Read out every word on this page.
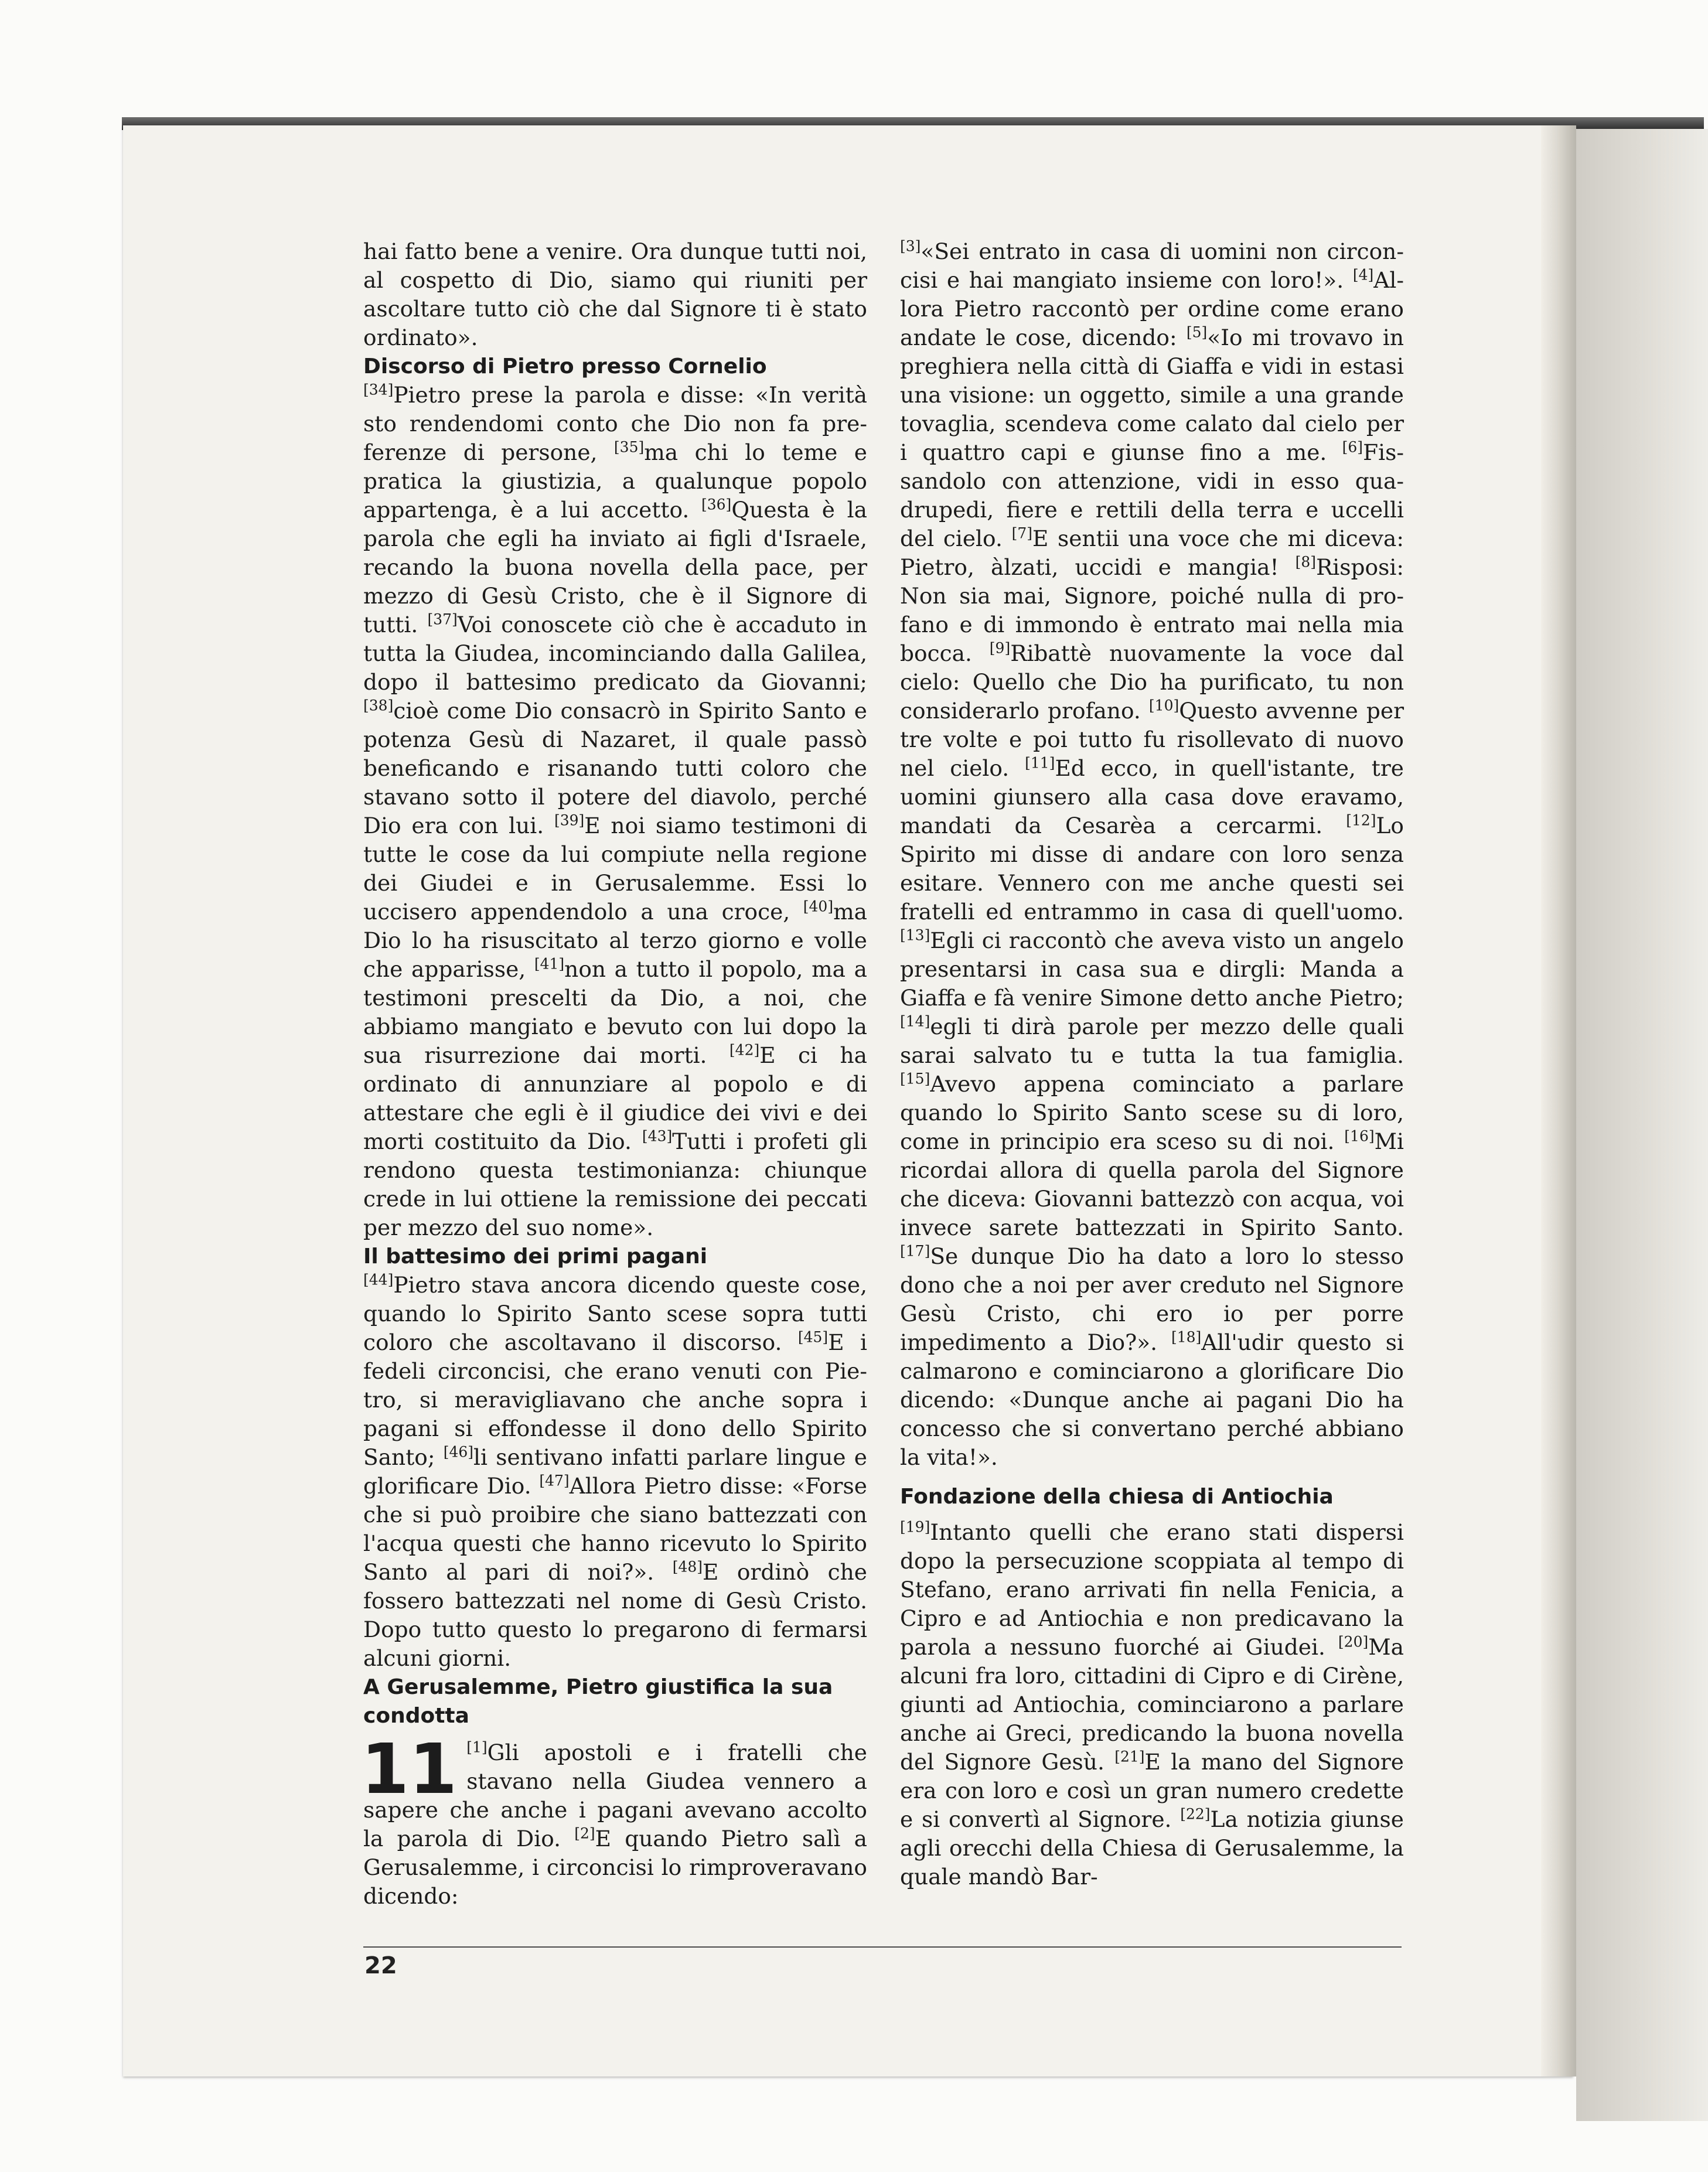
hai fatto bene a venire. Ora dunque tutti noi, al cospetto di Dio, siamo qui riuniti per ascoltare tutto ciò che dal Signore ti è stato ordinato».

Discorso di Pietro presso Cornelio

[34]Pietro prese la parola e disse: «In verità sto rendendomi conto che Dio non fa preferenze di persone, [35]ma chi lo teme e pratica la giustizia, a qualunque popolo appartenga, è a lui accetto. [36]Questa è la parola che egli ha inviato ai figli d'Israele, recando la buona novella della pace, per mezzo di Gesù Cristo, che è il Signore di tutti. [37]Voi conoscete ciò che è accaduto in tutta la Giudea, incominciando dalla Galilea, dopo il battesimo predicato da Giovanni; [38]cioè come Dio consacrò in Spirito Santo e potenza Gesù di Nazaret, il quale passò beneficando e risanando tutti coloro che stavano sotto il potere del diavolo, perché Dio era con lui. [39]E noi siamo testimoni di tutte le cose da lui compiute nella regione dei Giudei e in Gerusalemme. Essi lo uccisero appendendolo a una croce, [40]ma Dio lo ha risuscitato al terzo giorno e volle che apparisse, [41]non a tutto il popolo, ma a testimoni prescelti da Dio, a noi, che abbiamo mangiato e bevuto con lui dopo la sua risurrezione dai morti. [42]E ci ha ordinato di annunziare al popolo e di attestare che egli è il giudice dei vivi e dei morti costituito da Dio. [43]Tutti i profeti gli rendono questa testimonianza: chiunque crede in lui ottiene la remissione dei peccati per mezzo del suo nome».

Il battesimo dei primi pagani

[44]Pietro stava ancora dicendo queste cose, quando lo Spirito Santo scese sopra tutti coloro che ascoltavano il discorso. [45]E i fedeli circoncisi, che erano venuti con Pietro, si meravigliavano che anche sopra i pagani si effondesse il dono dello Spirito Santo; [46]li sentivano infatti parlare lingue e glorificare Dio. [47]Allora Pietro disse: «Forse che si può proibire che siano battezzati con l'acqua questi che hanno ricevuto lo Spirito Santo al pari di noi?». [48]E ordinò che fossero battezzati nel nome di Gesù Cristo. Dopo tutto questo lo pregarono di fermarsi alcuni giorni.

A Gerusalemme, Pietro giustifica la sua condotta

11 [1]Gli apostoli e i fratelli che stavano nella Giudea vennero a sapere che anche i pagani avevano accolto la parola di Dio. [2]E quando Pietro salì a Gerusalemme, i circoncisi lo rimproveravano dicendo:

[3]«Sei entrato in casa di uomini non circoncisi e hai mangiato insieme con loro!». [4]Allora Pietro raccontò per ordine come erano andate le cose, dicendo: [5]«Io mi trovavo in preghiera nella città di Giaffa e vidi in estasi una visione: un oggetto, simile a una grande tovaglia, scendeva come calato dal cielo per i quattro capi e giunse fino a me. [6]Fissandolo con attenzione, vidi in esso quadrupedi, fiere e rettili della terra e uccelli del cielo. [7]E sentii una voce che mi diceva: Pietro, àlzati, uccidi e mangia! [8]Risposi: Non sia mai, Signore, poiché nulla di profano e di immondo è entrato mai nella mia bocca. [9]Ribattè nuovamente la voce dal cielo: Quello che Dio ha purificato, tu non considerarlo profano. [10]Questo avvenne per tre volte e poi tutto fu risollevato di nuovo nel cielo. [11]Ed ecco, in quell'istante, tre uomini giunsero alla casa dove eravamo, mandati da Cesarèa a cercarmi. [12]Lo Spirito mi disse di andare con loro senza esitare. Vennero con me anche questi sei fratelli ed entrammo in casa di quell'uomo. [13]Egli ci raccontò che aveva visto un angelo presentarsi in casa sua e dirgli: Manda a Giaffa e fà venire Simone detto anche Pietro; [14]egli ti dirà parole per mezzo delle quali sarai salvato tu e tutta la tua famiglia. [15]Avevo appena cominciato a parlare quando lo Spirito Santo scese su di loro, come in principio era sceso su di noi. [16]Mi ricordai allora di quella parola del Signore che diceva: Giovanni battezzò con acqua, voi invece sarete battezzati in Spirito Santo. [17]Se dunque Dio ha dato a loro lo stesso dono che a noi per aver creduto nel Signore Gesù Cristo, chi ero io per porre impedimento a Dio?». [18]All'udir questo si calmarono e cominciarono a glorificare Dio dicendo: «Dunque anche ai pagani Dio ha concesso che si convertano perché abbiano la vita!».

Fondazione della chiesa di Antiochia

[19]Intanto quelli che erano stati dispersi dopo la persecuzione scoppiata al tempo di Stefano, erano arrivati fin nella Fenicia, a Cipro e ad Antiochia e non predicavano la parola a nessuno fuorché ai Giudei. [20]Ma alcuni fra loro, cittadini di Cipro e di Cirène, giunti ad Antiochia, cominciarono a parlare anche ai Greci, predicando la buona novella del Signore Gesù. [21]E la mano del Signore era con loro e così un gran numero credette e si convertì al Signore. [22]La notizia giunse agli orecchi della Chiesa di Gerusalemme, la quale mandò Bar-

22
